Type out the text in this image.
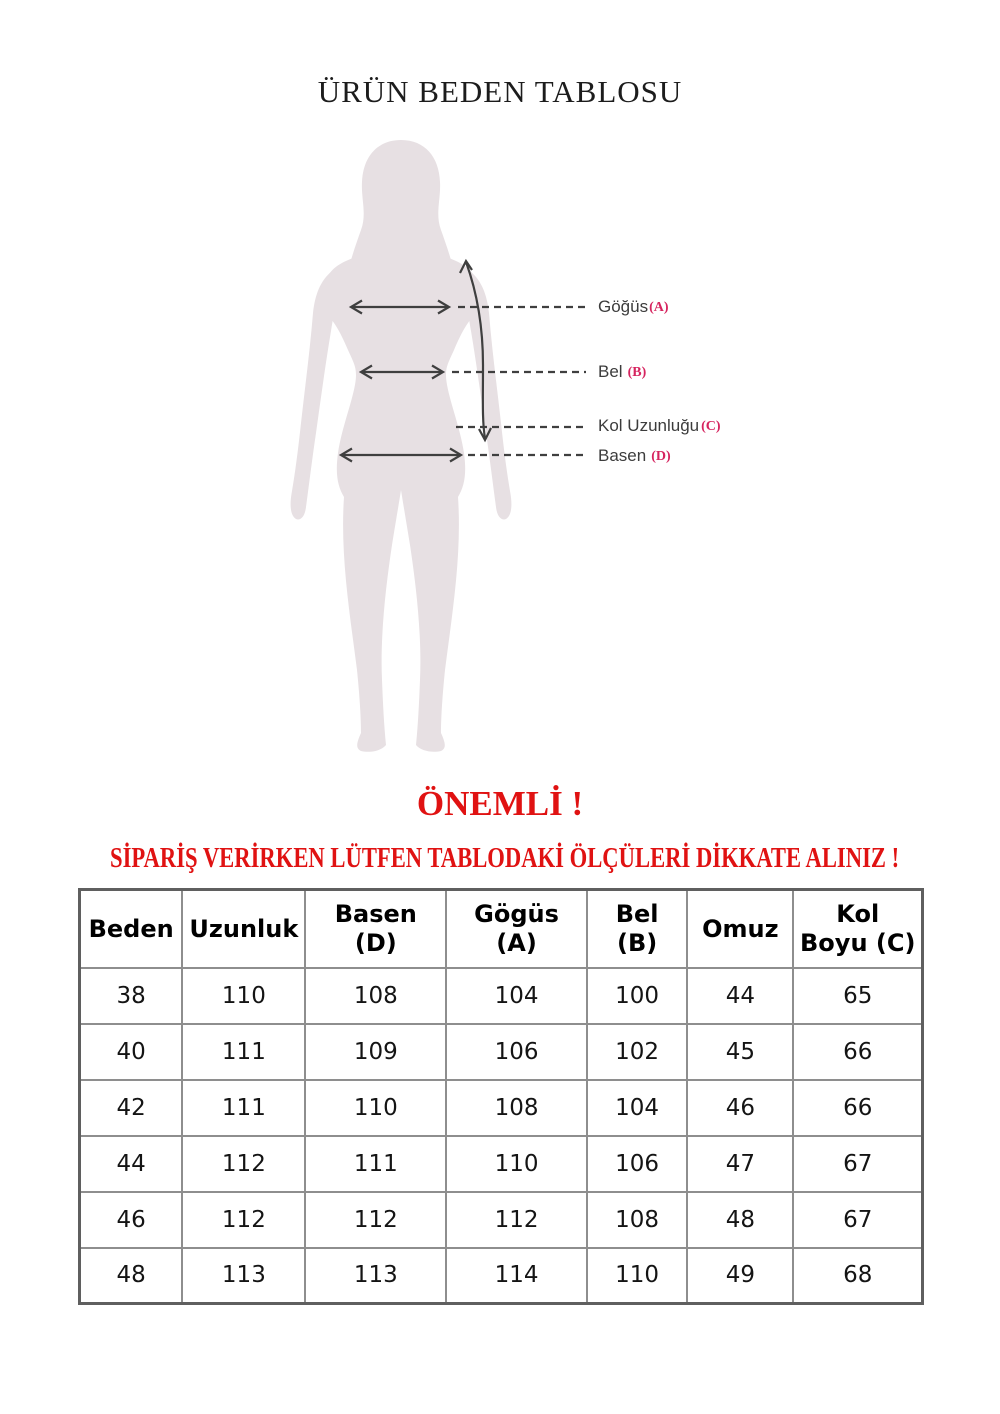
ÜRÜN BEDEN TABLOSU
Göğüs(A)
Bel (B)
Kol Uzunluğu (C)
Basen (D)
ÖNEMLİ !
SİPARİŞ VERİRKEN LÜTFEN TABLODAKİ ÖLÇÜLERİ DİKKATE ALINIZ !
Beden	Uzunluk	Basen (D)	Gögüs (A)	Bel (B)	Omuz	Kol Boyu (C)
38	110	108	104	100	44	65
40	111	109	106	102	45	66
42	111	110	108	104	46	66
44	112	111	110	106	47	67
46	112	112	112	108	48	67
48	113	113	114	110	49	68
